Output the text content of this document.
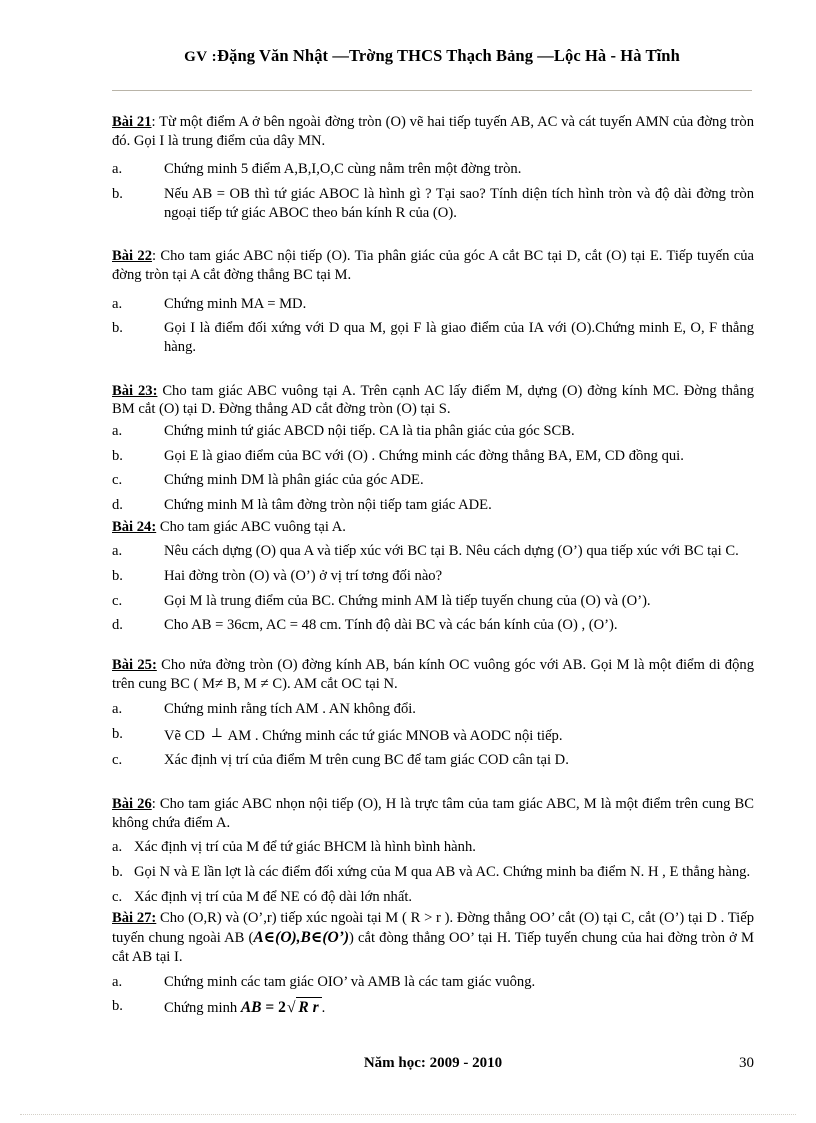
GV :Đặng Văn Nhật —Trờng THCS Thạch Bảng —Lộc Hà - Hà Tĩnh

Bài 21: Từ một điểm A ở bên ngoài đờng tròn (O) vẽ hai tiếp tuyến AB, AC và cát tuyến AMN của đờng tròn đó. Gọi I là trung điểm của dây MN.

a.	Chứng minh 5 điểm A,B,I,O,C cùng nằm trên một đờng tròn.
b.	Nếu AB = OB thì tứ giác ABOC là hình gì ? Tại sao? Tính diện tích hình tròn và độ dài đờng tròn ngoại tiếp tứ giác ABOC theo bán kính R của (O).

Bài 22: Cho tam giác ABC nội tiếp (O). Tia phân giác của góc A cắt BC tại D, cắt (O) tại E. Tiếp tuyến của đờng tròn tại A cắt đờng thẳng BC tại M.

a.	Chứng minh MA = MD.
b.	Gọi I là điểm đối xứng với D qua M, gọi F là giao điểm của IA với (O).Chứng minh E, O, F thẳng hàng.

Bài 23: Cho tam giác ABC vuông tại A. Trên cạnh AC lấy điểm M, dựng (O) đờng kính MC. Đờng thẳng BM cắt (O) tại D. Đờng thẳng AD cắt đờng tròn (O) tại S.

a.	Chứng minh tứ giác ABCD nội tiếp. CA là tia phân giác của góc SCB.
b.	Gọi E là giao điểm của BC với (O) . Chứng minh các đờng thẳng BA, EM, CD đồng qui.
c.	Chứng minh DM là phân giác của góc ADE.
d.	Chứng minh M là tâm đờng tròn nội tiếp tam giác ADE.

Bài 24: Cho tam giác ABC vuông tại A.

a.	Nêu cách dựng (O) qua A và tiếp xúc với BC tại B. Nêu cách dựng (O’) qua tiếp xúc với BC tại C.
b.	Hai đờng tròn (O) và (O’) ở vị trí tơng đối nào?
c.	Gọi M là trung điểm của BC. Chứng minh AM là tiếp tuyến chung của (O) và (O’).
d.	Cho AB = 36cm, AC = 48 cm. Tính độ dài BC và các bán kính của (O) , (O’).

Bài 25: Cho nửa đờng tròn (O) đờng kính AB, bán kính OC vuông góc với AB. Gọi M là một điểm di động trên cung BC ( M≠ B, M ≠ C). AM cắt OC tại N.

a.	Chứng minh rằng tích AM . AN không đổi.
b.	Vẽ CD ⊥ AM . Chứng minh các tứ giác MNOB và AODC nội tiếp.
c.	Xác định vị trí của điểm M trên cung BC để tam giác COD cân tại D.

Bài 26: Cho tam giác ABC nhọn nội tiếp (O), H là trực tâm của tam giác ABC, M là một điểm trên cung BC không chứa điểm A.

a. Xác định vị trí của M để tứ giác BHCM là hình bình hành.
b. Gọi N và E lần lợt là các điểm đối xứng của M qua AB và AC. Chứng minh ba điểm N. H , E thẳng hàng.
c. Xác định vị trí của M để NE có độ dài lớn nhất.

Bài 27: Cho (O,R) và (O’,r) tiếp xúc ngoài tại M ( R > r ). Đờng thẳng OO’ cắt (O) tại C, cắt (O’) tại D . Tiếp tuyến chung ngoài AB (A∈(O),B∈(O’)) cắt đòng thẳng OO’ tại H. Tiếp tuyến chung của hai đờng tròn ở M cắt AB tại I.

a.	Chứng minh các tam giác OIO’ và AMB là các tam giác vuông.
b.	Chứng minh AB = 2√ R r .
Năm học: 2009 - 2010	30
